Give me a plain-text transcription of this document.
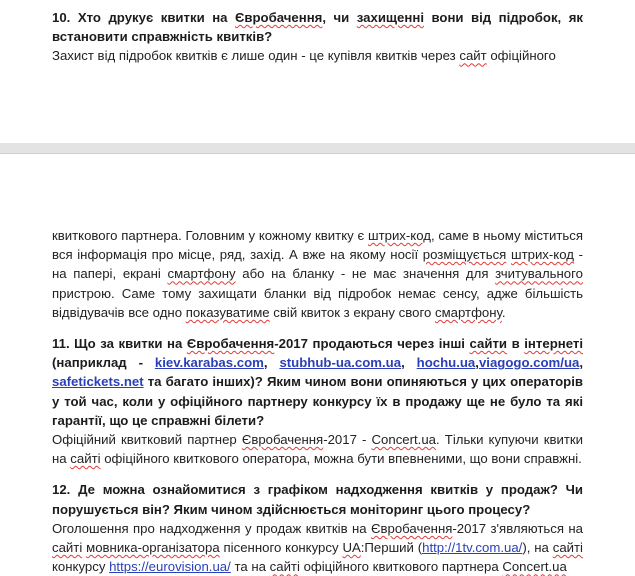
10. Хто друкує квитки на Євробачення, чи захищенні вони від підробок, як встановити справжність квитків?

Захист від підробок квитків є лише один - це купівля квитків через сайт офіційного

квиткового партнера. Головним у кожному квитку є штрих-код, саме в ньому міститься вся інформація про місце, ряд, захід. А вже на якому носії розміщується штрих-код - на папері, екрані смартфону або на бланку - не має значення для зчитувального пристрою. Саме тому захищати бланки від підробок немає сенсу, адже більшість відвідувачів все одно показуватиме свій квиток з екрану свого смартфону.

11. Що за квитки на Євробачення-2017 продаються через інші сайти в інтернеті (наприклад - kiev.karabas.com, stubhub-ua.com.ua, hochu.ua,viagogo.com/ua, safetickets.net та багато інших)? Яким чином вони опиняються у цих операторів у той час, коли у офіційного партнеру конкурсу їх в продажу ще не було та які гарантії, що це справжні білети?

Офіційний квитковий партнер Євробачення-2017 - Concert.ua. Тільки купуючи квитки на сайті офіційного квиткового оператора, можна бути впевненими, що вони справжні.

12. Де можна ознайомитися з графіком надходження квитків у продаж? Чи порушується він? Яким чином здійснюється моніторинг цього процесу?

Оголошення про надходження у продаж квитків на Євробачення-2017 з'являються на сайті мовника-організатора пісенного конкурсу UA:Перший (http://1tv.com.ua/), на сайті конкурсу https://eurovision.ua/ та на сайті офіційного квиткового партнера Concert.ua
